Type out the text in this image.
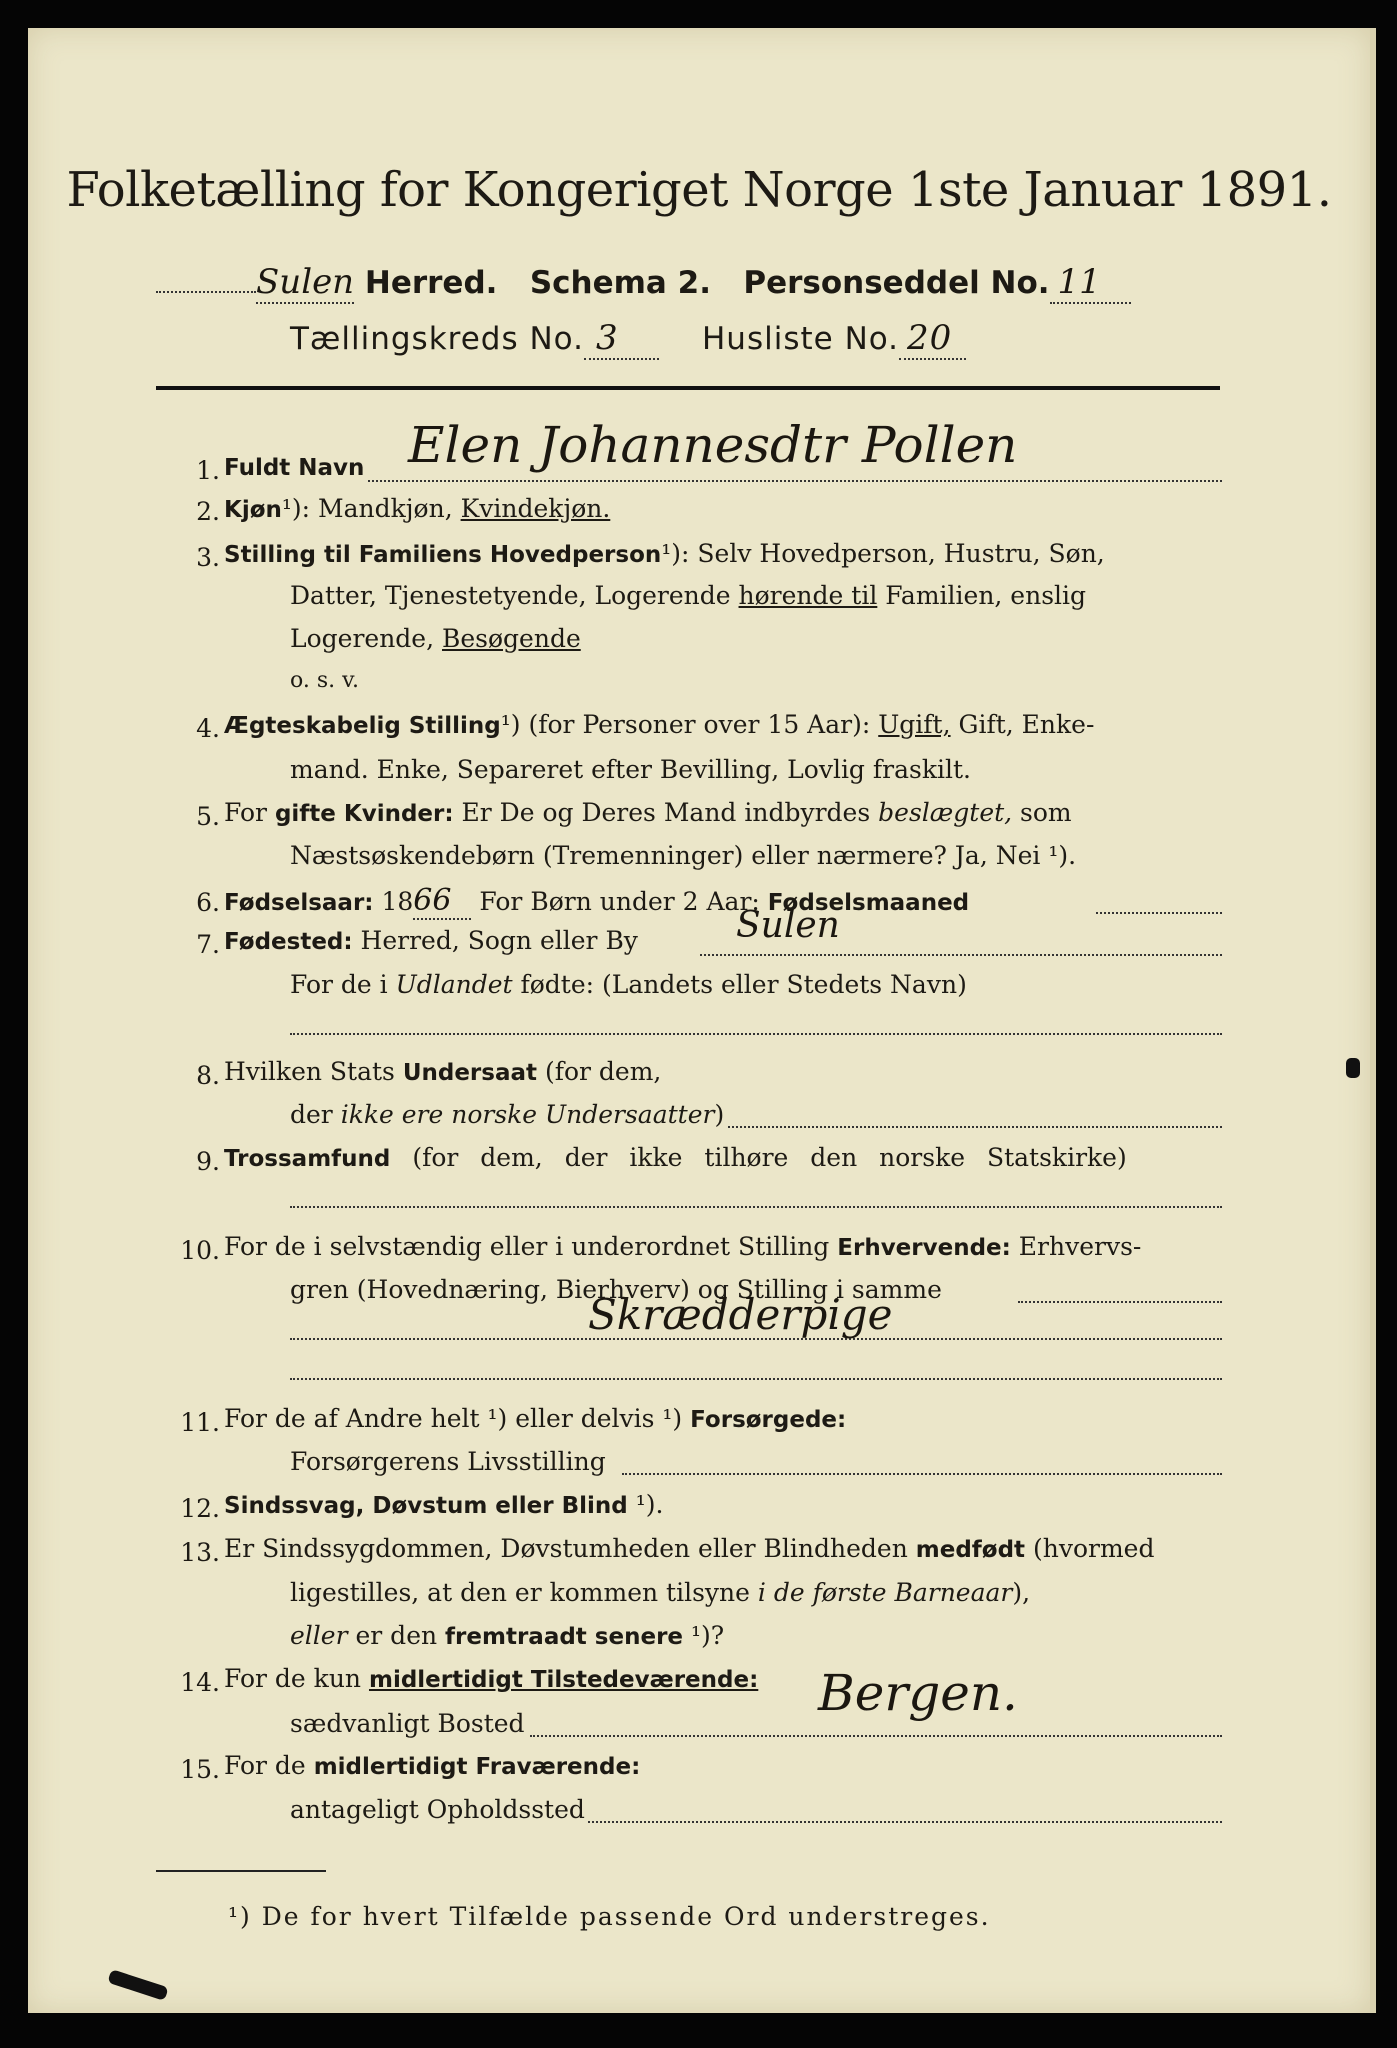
Folketælling for Kongeriget Norge 1ste Januar 1891.
Sulen Herred. Schema 2. Personseddel No. 11
Tællingskreds No. 3	Husliste No. 20
1. Fuldt Navn Elen Johannesdtr Pollen
2. Kjøn¹): Mandkjøn, Kvindekjøn.
3. Stilling til Familiens Hovedperson¹): Selv Hovedperson, Hustru, Søn,
Datter, Tjenestetyende, Logerende hørende til Familien, enslig
Logerende, Besøgende
o. s. v.
4. Ægteskabelig Stilling¹) (for Personer over 15 Aar): Ugift, Gift, Enke-
mand. Enke, Separeret efter Bevilling, Lovlig fraskilt.
5. For gifte Kvinder: Er De og Deres Mand indbyrdes beslægtet, som
Næstsøskendebørn (Tremenninger) eller nærmere? Ja, Nei ¹).
6. Fødselsaar: 1866 For Børn under 2 Aar: Fødselsmaaned
7. Fødested: Herred, Sogn eller By	Sulen
For de i Udlandet fødte: (Landets eller Stedets Navn)
8. Hvilken Stats Undersaat (for dem,
der ikke ere norske Undersaatter)
9. Trossamfund (for dem, der ikke tilhøre den norske Statskirke)
10. For de i selvstændig eller i underordnet Stilling Erhvervende: Erhvervs-
gren (Hovednæring, Bierhverv) og Stilling i samme
Skrædderpige
11. For de af Andre helt ¹) eller delvis ¹) Forsørgede:
Forsørgerens Livsstilling
12. Sindssvag, Døvstum eller Blind ¹).
13. Er Sindssygdommen, Døvstumheden eller Blindheden medfødt (hvormed
ligestilles, at den er kommen tilsyne i de første Barneaar),
eller er den fremtraadt senere ¹)?
14. For de kun midlertidigt Tilstedeværende:
sædvanligt Bosted
Bergen.
15. For de midlertidigt Fraværende:
antageligt Opholdssted
¹) De for hvert Tilfælde passende Ord understreges.
